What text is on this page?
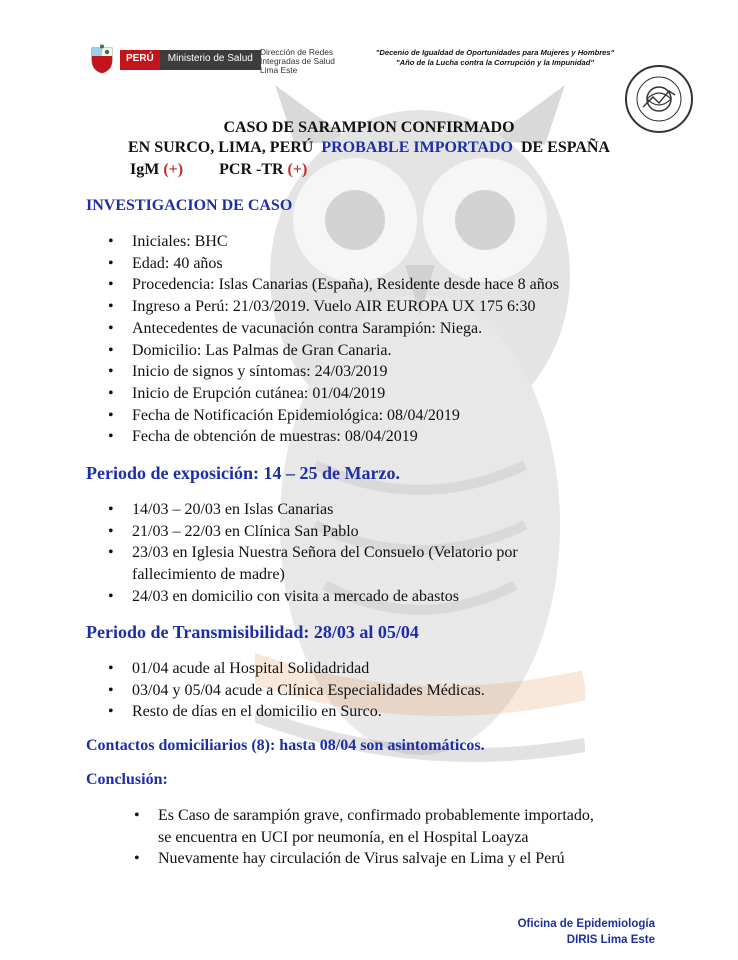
PERÚ	Ministerio de Salud
Dirección de Redes
Integradas de Salud
Lima Este
"Decenio de Igualdad de Oportunidades para Mujeres y Hombres"
"Año de la Lucha contra la Corrupción y la Impunidad"
CASO DE SARAMPION CONFIRMADO
EN SURCO, LIMA, PERÚ PROBABLE IMPORTADO DE ESPAÑA
IgM (+) PCR -TR (+)
INVESTIGACION DE CASO
• Iniciales: BHC
• Edad: 40 años
• Procedencia: Islas Canarias (España), Residente desde hace 8 años
• Ingreso a Perú: 21/03/2019. Vuelo AIR EUROPA UX 175 6:30
• Antecedentes de vacunación contra Sarampión: Niega.
• Domicilio: Las Palmas de Gran Canaria.
• Inicio de signos y síntomas: 24/03/2019
• Inicio de Erupción cutánea: 01/04/2019
• Fecha de Notificación Epidemiológica: 08/04/2019
• Fecha de obtención de muestras: 08/04/2019
Periodo de exposición: 14 – 25 de Marzo.
• 14/03 – 20/03 en Islas Canarias
• 21/03 – 22/03 en Clínica San Pablo
• 23/03 en Iglesia Nuestra Señora del Consuelo (Velatorio por
fallecimiento de madre)
• 24/03 en domicilio con visita a mercado de abastos
Periodo de Transmisibilidad: 28/03 al 05/04
• 01/04 acude al Hospital Solidadridad
• 03/04 y 05/04 acude a Clínica Especialidades Médicas.
• Resto de días en el domicilio en Surco.
Contactos domiciliarios (8): hasta 08/04 son asintomáticos.
Conclusión:
• Es Caso de sarampión grave, confirmado probablemente importado,
se encuentra en UCI por neumonía, en el Hospital Loayza
• Nuevamente hay circulación de Virus salvaje en Lima y el Perú
Oficina de Epidemiología
DIRIS Lima Este
